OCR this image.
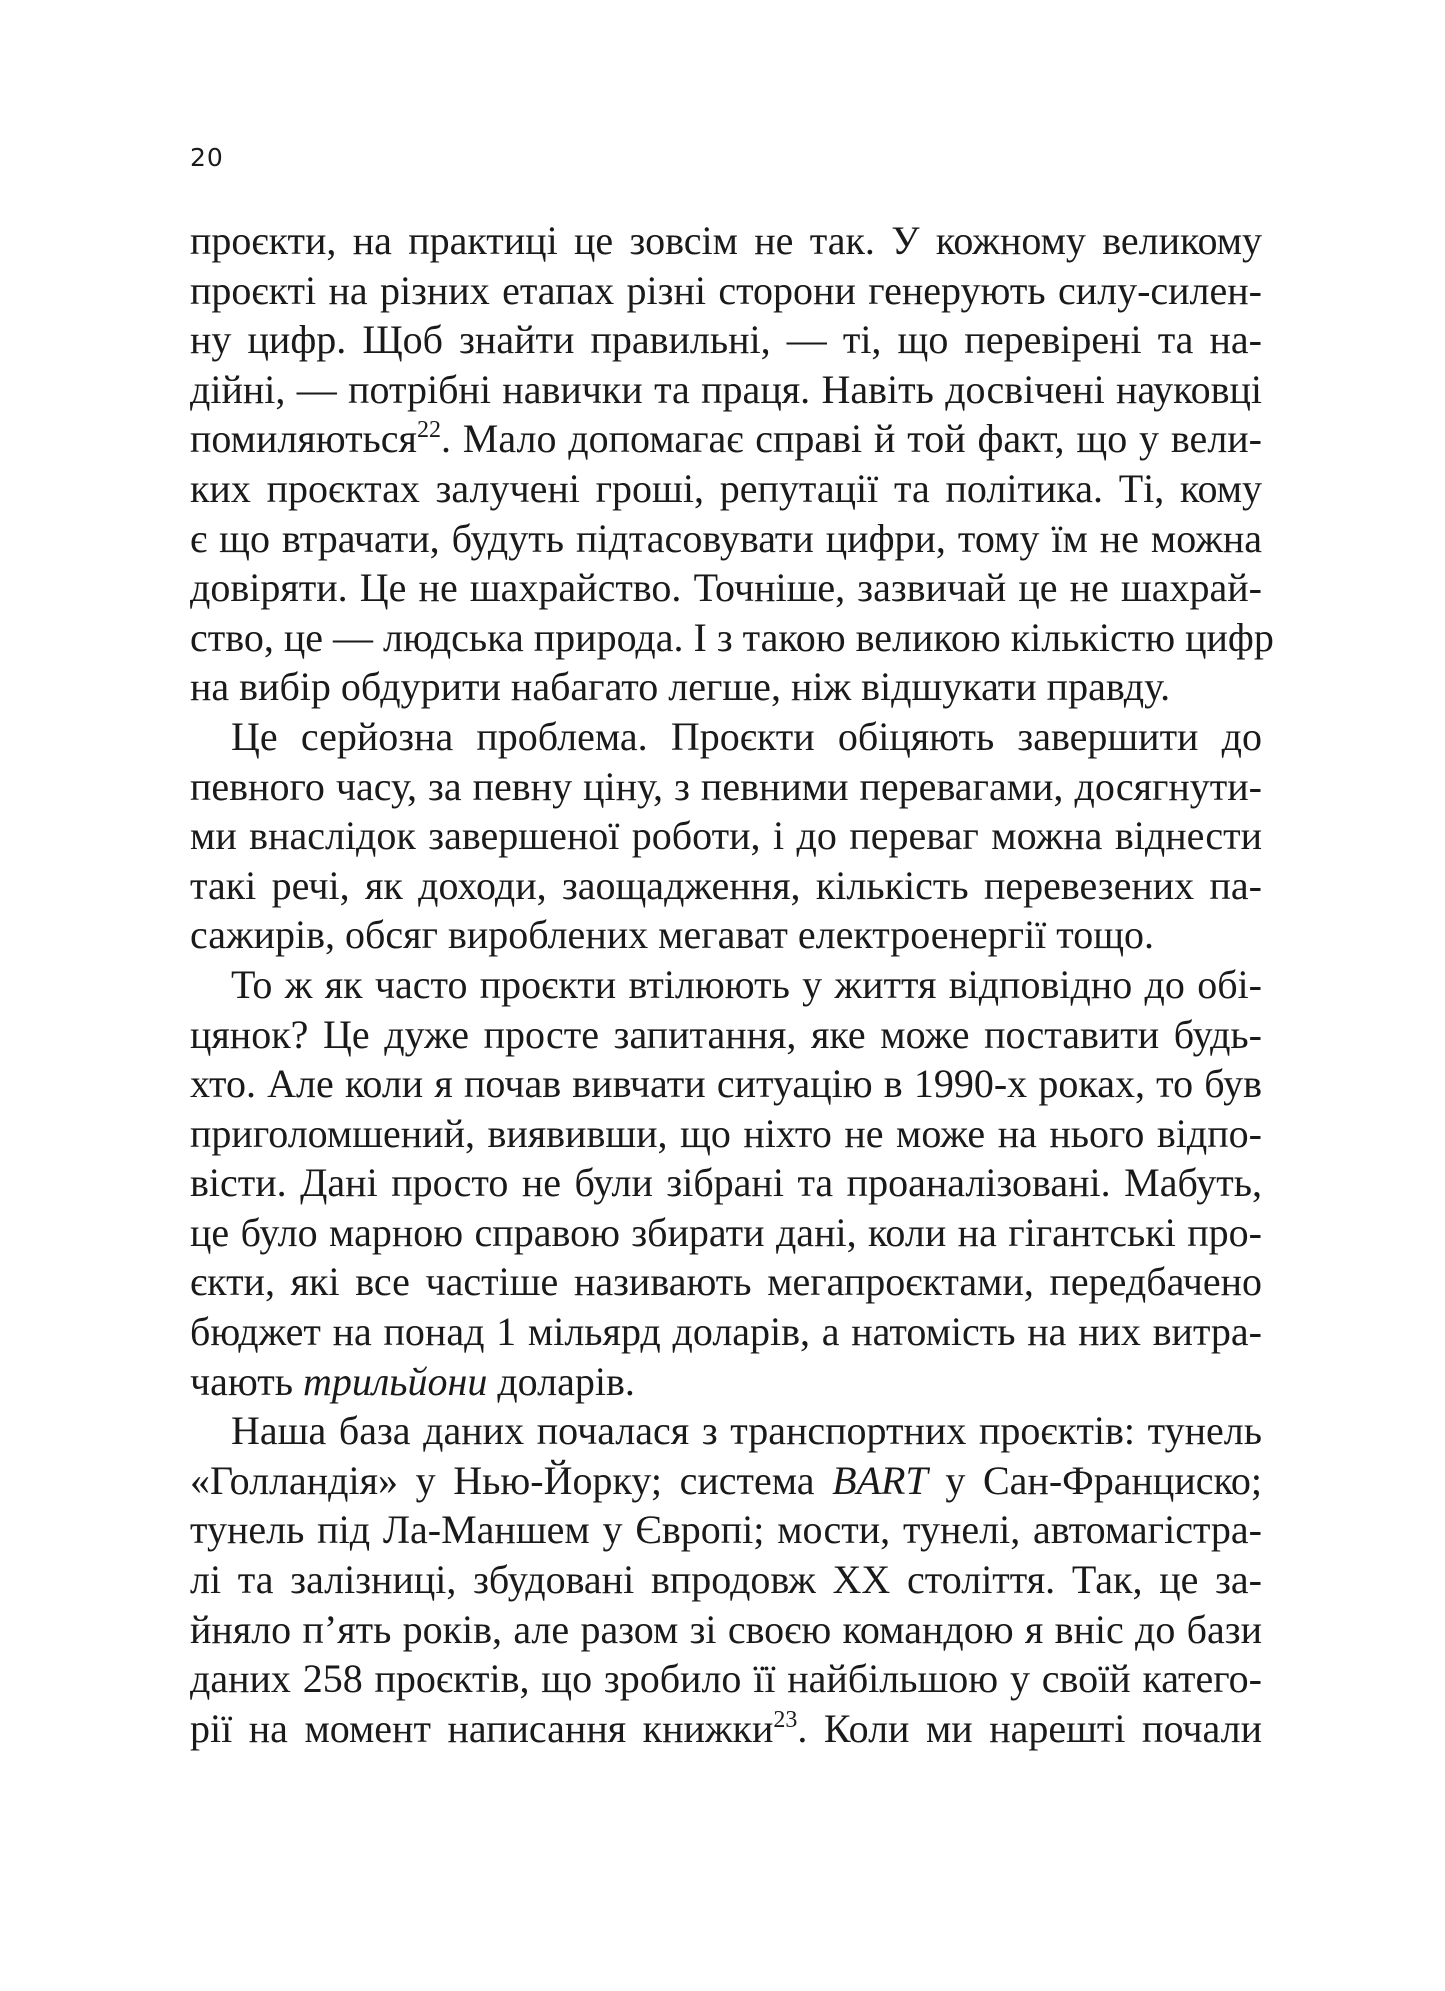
20
проєкти, на практиці це зовсім не так. У кожному великому
проєкті на різних етапах різні сторони генерують силу-силен-
ну цифр. Щоб знайти правильні, — ті, що перевірені та на-
дійні, — потрібні навички та праця. Навіть досвічені науковці
помиляються$^{22}$. Мало допомагає справі й той факт, що у вели-
ких проєктах залучені гроші, репутації та політика. Ті, кому
є що втрачати, будуть підтасовувати цифри, тому їм не можна
довіряти. Це не шахрайство. Точніше, зазвичай це не шахрай-
ство, це — людська природа. І з такою великою кількістю цифр
на вибір обдурити набагато легше, ніж відшукати правду.
Це серйозна проблема. Проєкти обіцяють завершити до
певного часу, за певну ціну, з певними перевагами, досягнути-
ми внаслідок завершеної роботи, і до переваг можна віднести
такі речі, як доходи, заощадження, кількість перевезених па-
сажирів, обсяг вироблених мегават електроенергії тощо.
То ж як часто проєкти втілюють у життя відповідно до обі-
цянок? Це дуже просте запитання, яке може поставити будь-
хто. Але коли я почав вивчати ситуацію в 1990-х роках, то був
приголомшений, виявивши, що ніхто не може на нього відпо-
вісти. Дані просто не були зібрані та проаналізовані. Мабуть,
це було марною справою збирати дані, коли на гігантські про-
єкти, які все частіше називають мегапроєктами, передбачено
бюджет на понад 1 мільярд доларів, а натомість на них витра-
чають трильйони доларів.
Наша база даних почалася з транспортних проєктів: тунель
«Голландія» у Нью-Йорку; система BART у Сан-Франциско;
тунель під Ла-Маншем у Європі; мости, тунелі, автомагістра-
лі та залізниці, збудовані впродовж XX століття. Так, це за-
йняло п’ять років, але разом зі своєю командою я вніс до бази
даних 258 проєктів, що зробило її найбільшою у своїй катего-
рії на момент написання книжки$^{23}$. Коли ми нарешті почали
